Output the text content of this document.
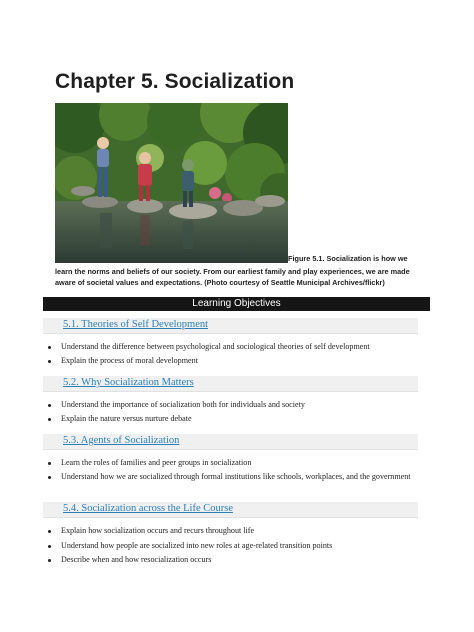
Chapter 5. Socialization
Figure 5.1. Socialization is how we
learn the norms and beliefs of our society. From our earliest family and play experiences, we are made aware of societal values and expectations. (Photo courtesy of Seattle Municipal Archives/flickr)
Learning Objectives
5.1. Theories of Self Development
Understand the difference between psychological and sociological theories of self development
Explain the process of moral development
5.2. Why Socialization Matters
Understand the importance of socialization both for individuals and society
Explain the nature versus nurture debate
5.3. Agents of Socialization
Learn the roles of families and peer groups in socialization
Understand how we are socialized through formal institutions like schools, workplaces, and the government
5.4. Socialization across the Life Course
Explain how socialization occurs and recurs throughout life
Understand how people are socialized into new roles at age-related transition points
Describe when and how resocialization occurs
